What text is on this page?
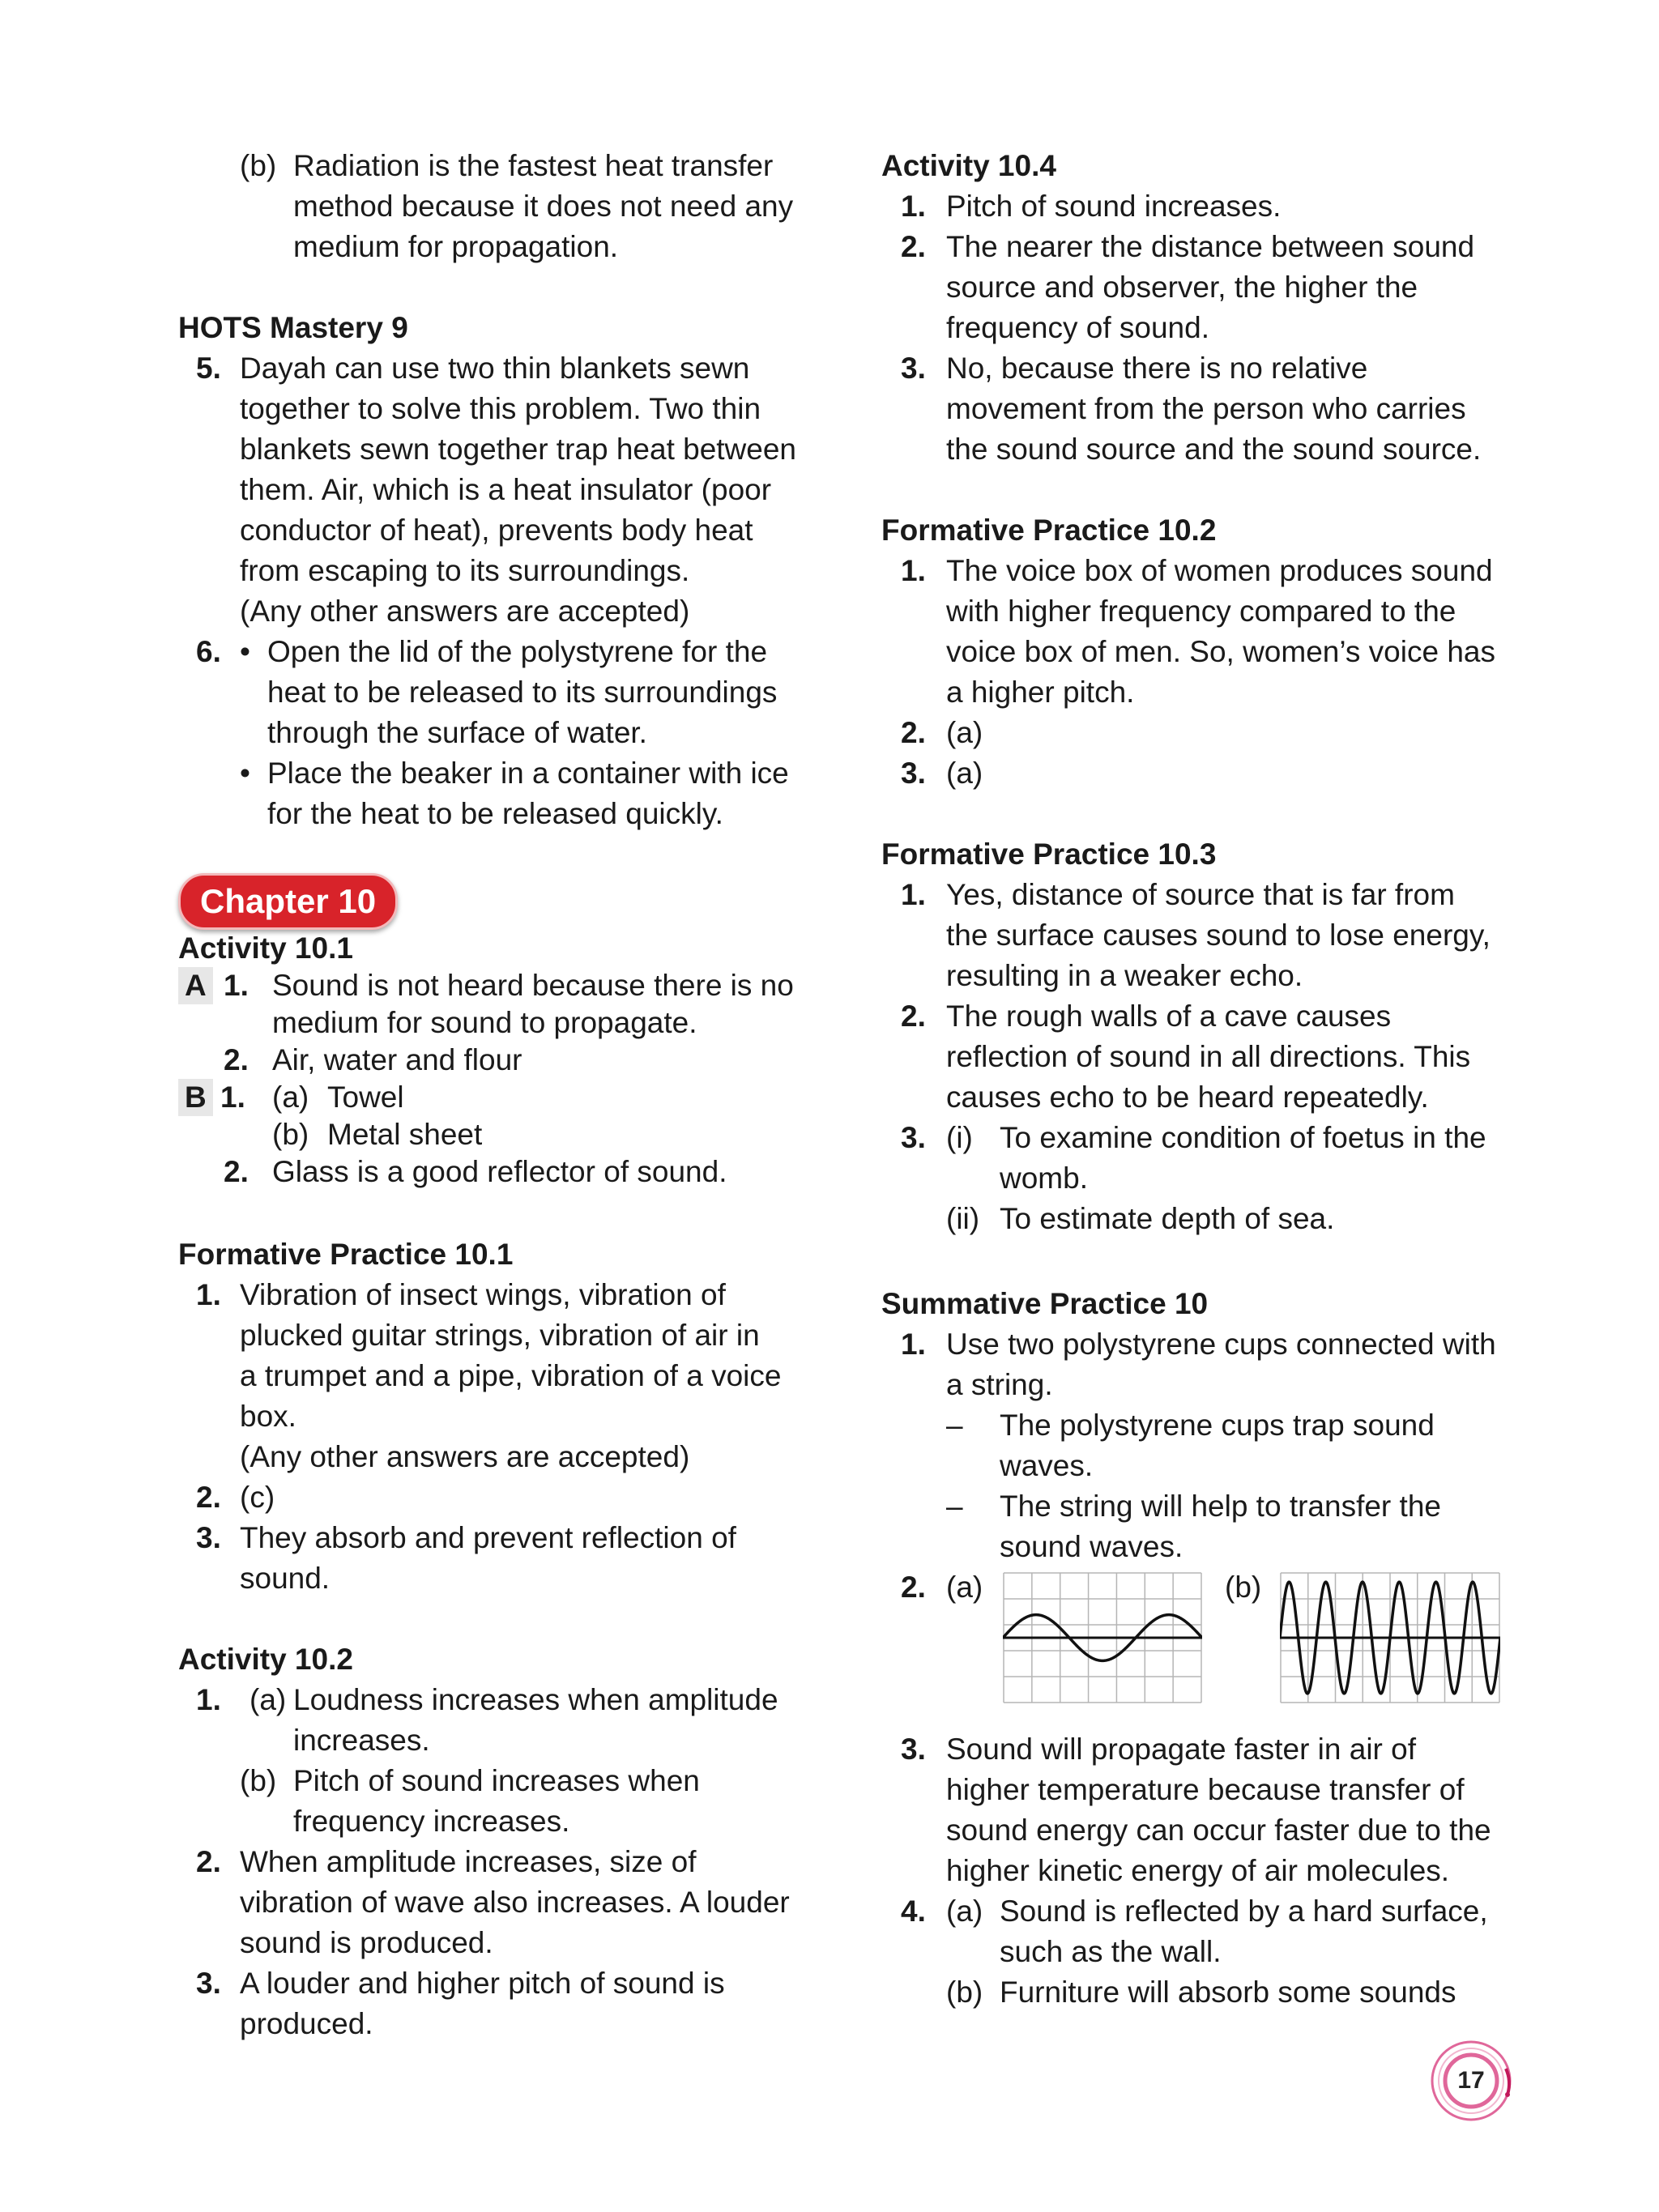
(b) Radiation is the fastest heat transfer
method because it does not need any
medium for propagation.

HOTS Mastery 9

5. Dayah can use two thin blankets sewn
together to solve this problem. Two thin
blankets sewn together trap heat between
them. Air, which is a heat insulator (poor
conductor of heat), prevents body heat
from escaping to its surroundings.
(Any other answers are accepted)
6. • Open the lid of the polystyrene for the
heat to be released to its surroundings
through the surface of water.
• Place the beaker in a container with ice
for the heat to be released quickly.
Chapter 10

Activity 10.1

A 1. Sound is not heard because there is no
medium for sound to propagate.
2. Air, water and flour
B 1. (a) Towel
(b) Metal sheet
2. Glass is a good reflector of sound.

Formative Practice 10.1

1. Vibration of insect wings, vibration of
plucked guitar strings, vibration of air in
a trumpet and a pipe, vibration of a voice
box.
(Any other answers are accepted)
2. (c)
3. They absorb and prevent reflection of
sound.

Activity 10.2

1. (a) Loudness increases when amplitude
increases.
(b) Pitch of sound increases when
frequency increases.
2. When amplitude increases, size of
vibration of wave also increases. A louder
sound is produced.
3. A louder and higher pitch of sound is
produced.

Activity 10.4

1. Pitch of sound increases.
2. The nearer the distance between sound
source and observer, the higher the
frequency of sound.
3. No, because there is no relative
movement from the person who carries
the sound source and the sound source.

Formative Practice 10.2

1. The voice box of women produces sound
with higher frequency compared to the
voice box of men. So, women’s voice has
a higher pitch.
2. (a)
3. (a)

Formative Practice 10.3

1. Yes, distance of source that is far from
the surface causes sound to lose energy,
resulting in a weaker echo.
2. The rough walls of a cave causes
reflection of sound in all directions. This
causes echo to be heard repeatedly.
3. (i) To examine condition of foetus in the
womb.
(ii) To estimate depth of sea.

Summative Practice 10

1. Use two polystyrene cups connected with
a string.
– The polystyrene cups trap sound
waves.
– The string will help to transfer the
sound waves.
2. (a)	(b)
3. Sound will propagate faster in air of
higher temperature because transfer of
sound energy can occur faster due to the
higher kinetic energy of air molecules.
4. (a) Sound is reflected by a hard surface,
such as the wall.
(b) Furniture will absorb some sounds
17
